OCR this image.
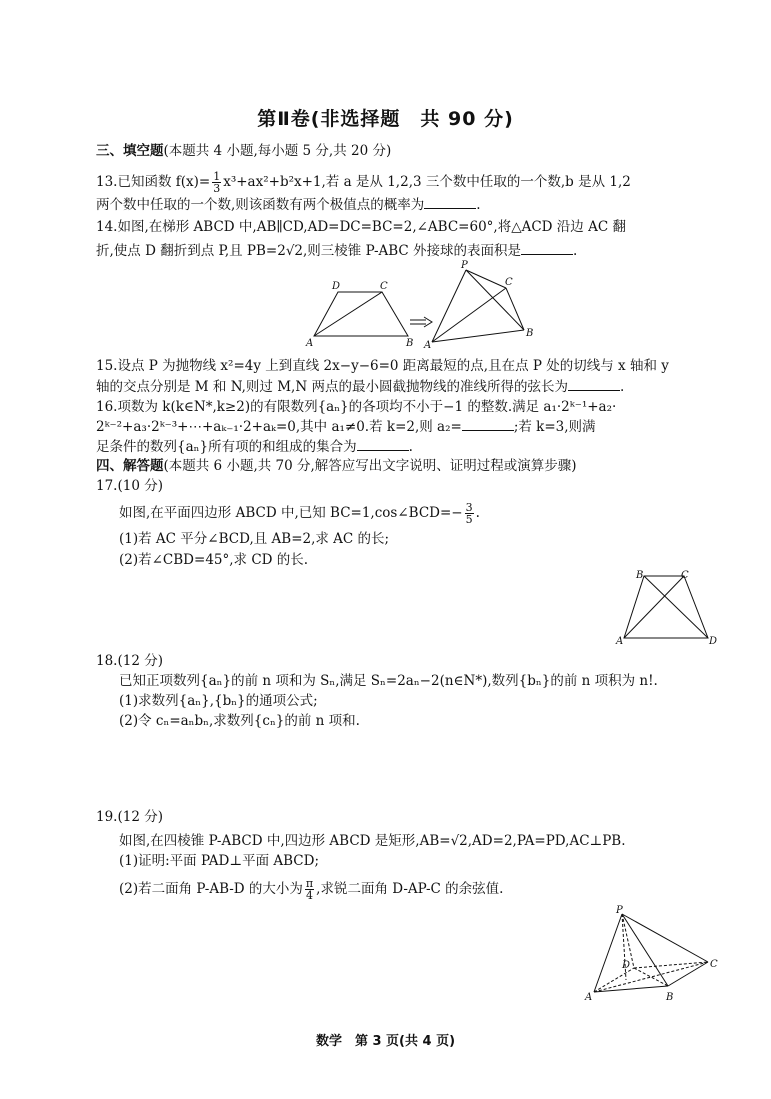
第Ⅱ卷(非选择题　共 90 分)
三、填空题(本题共 4 小题,每小题 5 分,共 20 分)
13.已知函数 $f(x)= \frac{1}{3} x^3+ax^2+b^2x+1$,若 a 是从 1,2,3 三个数中任取的一个数,b 是从 1,2
两个数中任取的一个数,则该函数有两个极值点的概率为	.
14.如图,在梯形 ABCD 中,AB∥CD,AD=DC=BC=2,∠ABC=60°,将△ACD 沿边 AC 翻
折,使点 D 翻折到点 P,且 PB=2√2,则三棱锥 P-ABC 外接球的表面积是	.
A	B
C
D
P
A
B
C
15.设点 P 为抛物线 x²=4y 上到直线 2x−y−6=0 距离最短的点,且在点 P 处的切线与 x 轴和 y
轴的交点分别是 M 和 N,则过 M,N 两点的最小圆截抛物线的准线所得的弦长为	.
16.项数为 k(k∈N*,k≥2)的有限数列{aₙ}的各项均不小于−1 的整数.满足 a₁·2ᵏ⁻¹+a₂·
2ᵏ⁻²+a₃·2ᵏ⁻³+⋯+aₖ₋₁·2+aₖ=0,其中 a₁≠0.若 k=2,则 a₂=	;若 k=3,则满
足条件的数列{aₙ}所有项的和组成的集合为	.
四、解答题(本题共 6 小题,共 70 分,解答应写出文字说明、证明过程或演算步骤)
17.(10 分)
如图,在平面四边形 ABCD 中,已知 BC=1,cos∠BCD=− $\frac{3}{5}$ .
(1)若 AC 平分∠BCD,且 AB=2,求 AC 的长;
(2)若∠CBD=45°,求 CD 的长.
A
B	C
D
18.(12 分)
已知正项数列{aₙ}的前 n 项和为 Sₙ,满足 Sₙ=2aₙ−2(n∈N*),数列{bₙ}的前 n 项积为 n!.
(1)求数列{aₙ},{bₙ}的通项公式;
(2)令 cₙ=aₙbₙ,求数列{cₙ}的前 n 项和.
19.(12 分)
如图,在四棱锥 P-ABCD 中,四边形 ABCD 是矩形,AB=√2,AD=2,PA=PD,AC⊥PB.
(1)证明:平面 PAD⊥平面 ABCD;
(2)若二面角 P-AB-D 的大小为 $\frac{\pi}{4}$ ,求锐二面角 D-AP-C 的余弦值.
P
A	B
C
D
数学　第 3 页(共 4 页)
